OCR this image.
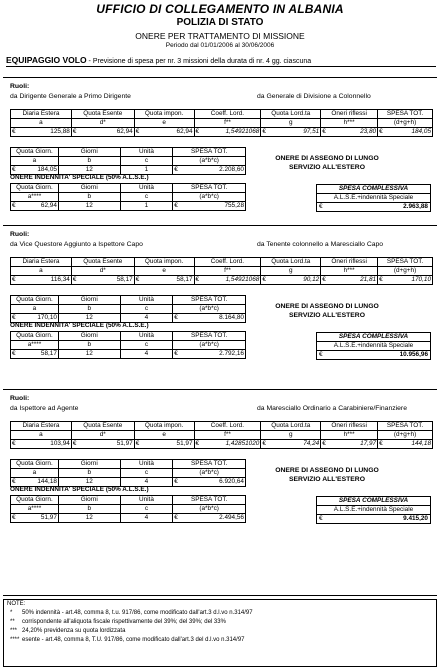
UFFICIO DI COLLEGAMENTO IN ALBANIA
POLIZIA DI STATO
ONERE PER TRATTAMENTO DI MISSIONE
Periodo dal 01/01/2006 al 30/06/2006
EQUIPAGGIO VOLO - Previsione di spesa per nr. 3 missioni della durata di nr. 4 gg. ciascuna
Ruoli:
da Dirigente Generale a Primo Dirigente	da Generale di Divisione a Colonnello
Diaria Estera	Quota Esente	Quota impon.	Coeff. Lord.	Quota Lord.ta	Oneri riflessi	SPESA TOT.
a	d*	e	f**	g	h***	(d+g+h)

€ 125,88	€ 62,94	€ 62,94	€ 1,54921068	€ 97,51	€ 23,80	€ 184,05
Quota Giorn.	Giorni	Unità	SPESA TOT.
a	b	c	(a*b*c)

€ 184,05	12	1	€ 2.208,60
ONERE INDENNITA' SPECIALE (50% A.L.S.E.)
Quota Giorn.	Giorni	Unità	SPESA TOT.
a****	b	c	(a*b*c)

€ 62,94	12	1	€ 755,28
ONERE DI ASSEGNO DI LUNGO
SERVIZIO ALL'ESTERO
SPESA COMPLESSIVA
A.L.S.E.+indennità Speciale
€	2.963,88
Ruoli:
da Vice Questore Aggiunto a Ispettore Capo	da Tenente colonnello a Maresciallo Capo
Diaria Estera	Quota Esente	Quota impon.	Coeff. Lord.	Quota Lord.ta	Oneri riflessi	SPESA TOT.
a	d*	e	f**	g	h***	(d+g+h)

€ 116,34	€ 58,17	€ 58,17	€ 1,54921068	€ 90,12	€ 21,81	€ 170,10
Quota Giorn.	Giorni	Unità	SPESA TOT.
a	b	c	(a*b*c)

€ 170,10	12	4	€ 8.164,80
ONERE INDENNITA' SPECIALE (50% A.L.S.E.)
Quota Giorn.	Giorni	Unità	SPESA TOT.
a****	b	c	(a*b*c)

€ 58,17	12	4	€ 2.792,16
ONERE DI ASSEGNO DI LUNGO
SERVIZIO ALL'ESTERO
SPESA COMPLESSIVA
A.L.S.E.+indennità Speciale
€	10.956,96
Ruoli:
da Ispettore ad Agente	da Maresciallo Ordinario a Carabiniere/Finanziere
Diaria Estera	Quota Esente	Quota impon.	Coeff. Lord.	Quota Lord.ta	Oneri riflessi	SPESA TOT.
a	d*	e	f**	g	h***	(d+g+h)

€ 103,94	€ 51,97	€ 51,97	€ 1,42851020	€ 74,24	€ 17,97	€ 144,18
Quota Giorn.	Giorni	Unità	SPESA TOT.
a	b	c	(a*b*c)

€ 144,18	12	4	€ 6.920,64
ONERE INDENNITA' SPECIALE (50% A.L.S.E.)
Quota Giorn.	Giorni	Unità	SPESA TOT.
a****	b	c	(a*b*c)

€ 51,97	12	4	€ 2.494,56
ONERE DI ASSEGNO DI LUNGO
SERVIZIO ALL'ESTERO
SPESA COMPLESSIVA
A.L.S.E.+indennità Speciale
€	9.415,20
NOTE:
* 50% indennità - art.48, comma 8, t.u. 917/86, come modificato dall'art.3 d.l.vo n.314/97
** corrispondente all'aliquota fiscale rispettivamente del 39%; del 39%; del 33%
*** 24,20% previdenza su quota lordizzata
**** esente - art.48, comma 8, T.U. 917/86, come modificato dall'art.3 del d.l.vo n.314/97
